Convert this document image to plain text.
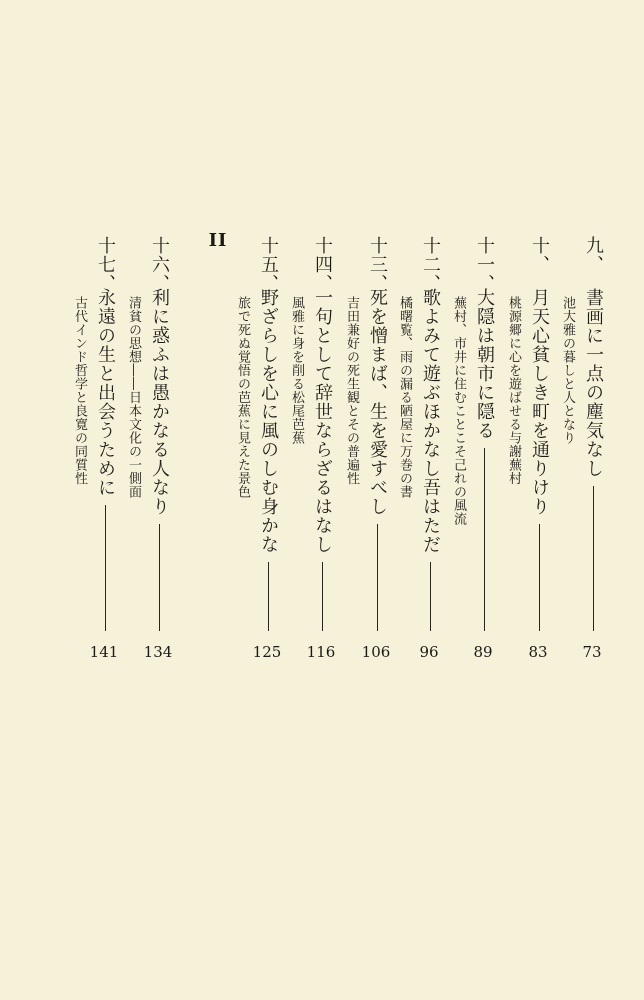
II	九、
池大雅の暮しと人となり 書画に一点の塵気なし
73
十、
桃源郷に心を遊ばせる与謝蕪村 月天心貧しき町を通りけり
83
十一、
蕪村、市井に住むことこそ己れの風流 大隠は朝市に隠る
89
十二、
橘曙覧、雨の漏る陋屋に万巻の書 歌よみて遊ぶほかなし吾はただ
96
十三、
吉田兼好の死生観とその普遍性 死を憎まば、生を愛すべし
106
十四、
風雅に身を削る松尾芭蕉 一句として辞世ならざるはなし
116
十五、
旅で死ぬ覚悟の芭蕉に見えた景色 野ざらしを心に風のしむ身かな
125
十六、
清貧の思想――日本文化の一側面 利に惑ふは愚かなる人なり
134
十七、
古代インド哲学と良寛の同質性 永遠の生と出会うために
141
